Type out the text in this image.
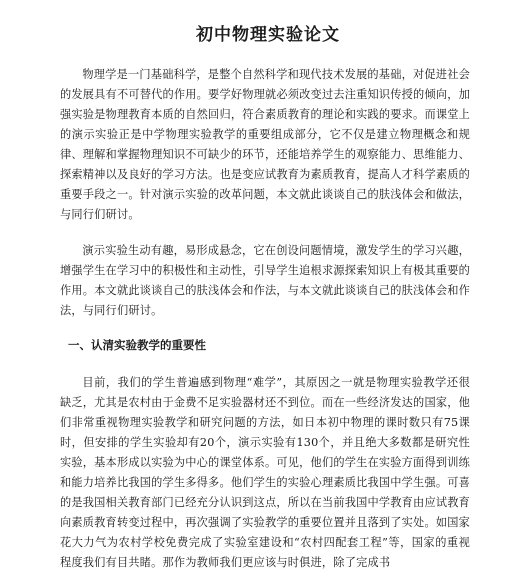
初中物理实验论文

物理学是一门基础科学，是整个自然科学和现代技术发展的基础，对促进社会的发展具有不可替代的作用。要学好物理就必须改变过去注重知识传授的倾向，加强实验是物理教育本质的自然回归，符合素质教育的理论和实践的要求。而课堂上的演示实验正是中学物理实验教学的重要组成部分，它不仅是建立物理概念和规律、理解和掌握物理知识不可缺少的环节，还能培养学生的观察能力、思维能力、探索精神以及良好的学习方法。也是变应试教育为素质教育，提高人才科学素质的重要手段之一。针对演示实验的改革问题，本文就此谈谈自己的肤浅体会和做法，与同行们研讨。

演示实验生动有趣，易形成悬念，它在创设问题情境，激发学生的学习兴趣，增强学生在学习中的积极性和主动性，引导学生追根求源探索知识上有极其重要的作用。本文就此谈谈自己的肤浅体会和作法，与本文就此谈谈自己的肤浅体会和作法，与同行们研讨。

一、认清实验教学的重要性

目前，我们的学生普遍感到物理“难学”，其原因之一就是物理实验教学还很缺乏，尤其是农村由于金费不足实验器材还不到位。而在一些经济发达的国家，他们非常重视物理实验教学和研究问题的方法，如日本初中物理的课时数只有75课时，但安排的学生实验却有20个，演示实验有130个，并且绝大多数都是研究性实验，基本形成以实验为中心的课堂体系。可见，他们的学生在实验方面得到训练和能力培养比我国的学生多得多。他们学生的实验心理素质比我国中学生强。可喜的是我国相关教育部门已经充分认识到这点，所以在当前我国中学教育由应试教育向素质教育转变过程中，再次强调了实验教学的重要位置并且落到了实处。如国家花大力气为农村学校免费完成了实验室建设和“农村四配套工程”等，国家的重视程度我们有目共睹。那作为教师我们更应该与时俱进，除了完成书
